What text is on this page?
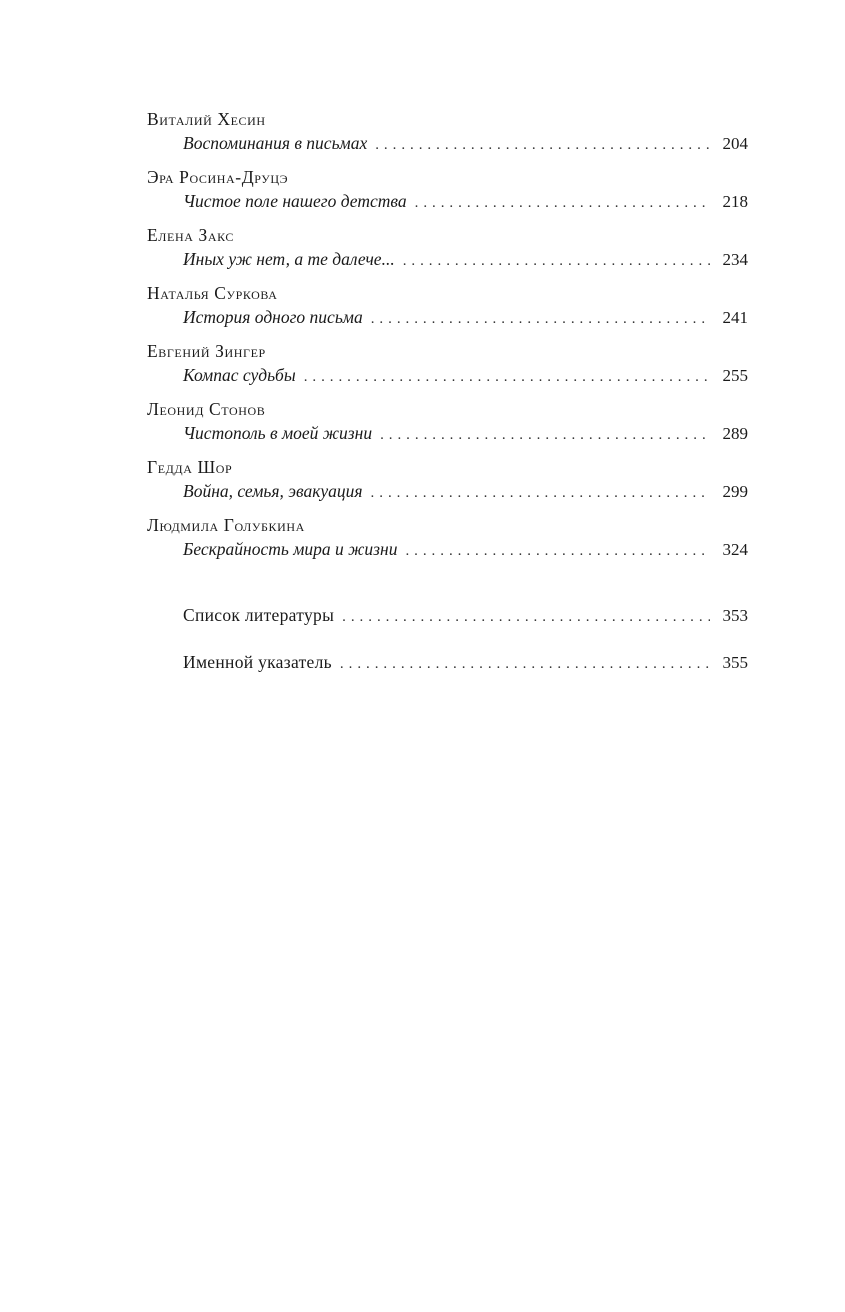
Виталий Хесин
Воспоминания в письмах . . .	204
Эра Росина-Друцэ
Чистое поле нашего детства . . .	218
Елена Закс
Иных уж нет, а те далече... . . .	234
Наталья Суркова
История одного письма . . .	241
Евгений Зингер
Компас судьбы . . .	255
Леонид Стонов
Чистополь в моей жизни . . .	289
Гедда Шор
Война, семья, эвакуация . . .	299
Людмила Голубкина
Бескрайность мира и жизни . . .	324
Список литературы . . .	353
Именной указатель . . .	355
